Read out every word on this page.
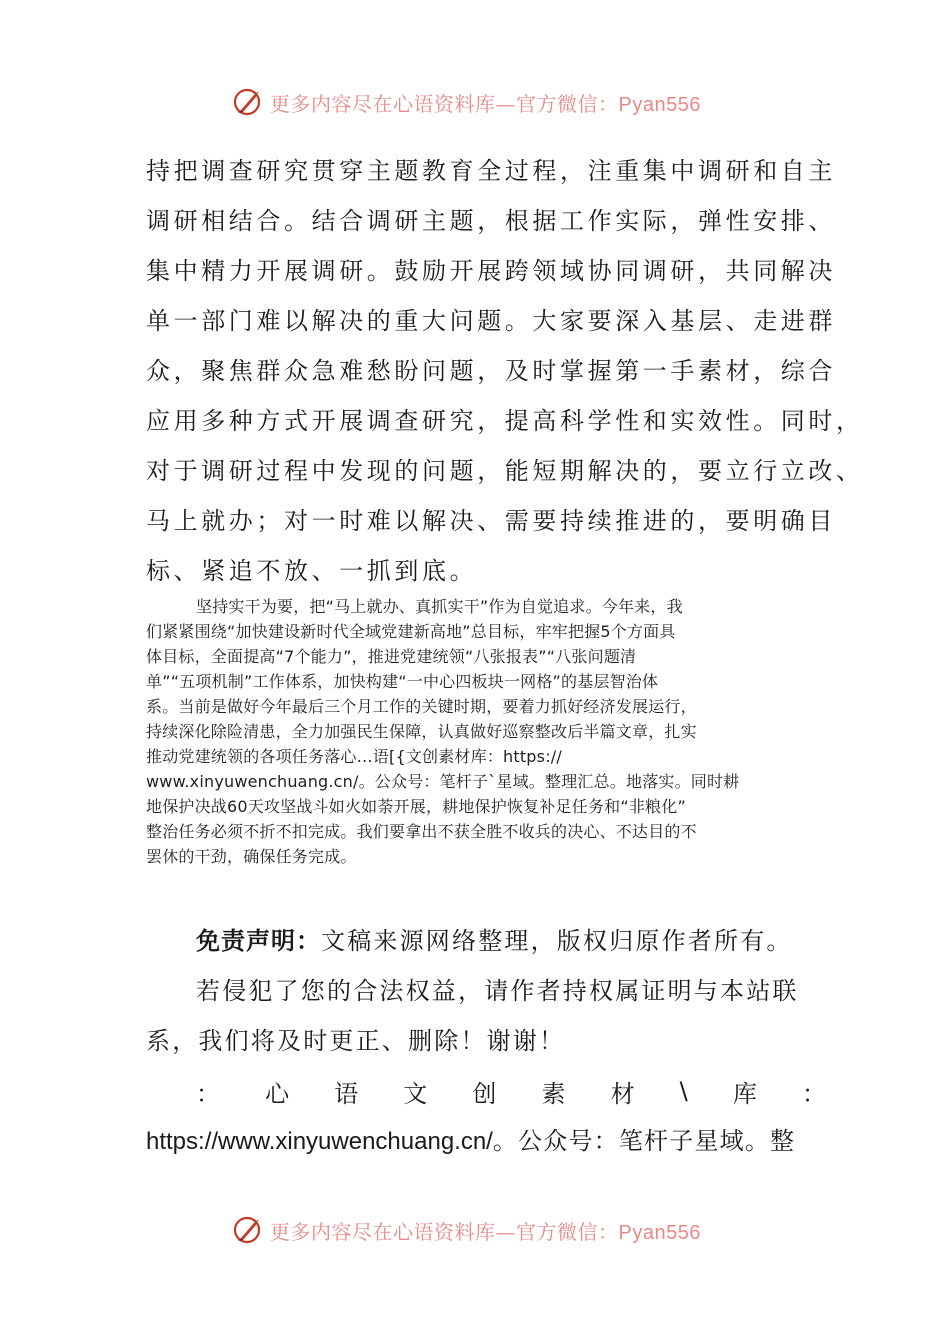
更多内容尽在心语资料库—官方微信：Pyan556
持把调查研究贯穿主题教育全过程，注重集中调研和自主
调研相结合。结合调研主题，根据工作实际，弹性安排、
集中精力开展调研。鼓励开展跨领域协同调研，共同解决
单一部门难以解决的重大问题。大家要深入基层、走进群
众，聚焦群众急难愁盼问题，及时掌握第一手素材，综合
应用多种方式开展调查研究，提高科学性和实效性。同时，
对于调研过程中发现的问题，能短期解决的，要立行立改、
马上就办；对一时难以解决、需要持续推进的，要明确目
标、紧追不放、一抓到底。
坚持实干为要，把“马上就办、真抓实干”作为自觉追求。今年来，我
们紧紧围绕“加快建设新时代全域党建新高地”总目标，牢牢把握5个方面具
体目标，全面提高“7个能力”，推进党建统领“八张报表”“八张问题清
单”“五项机制”工作体系，加快构建“一中心四板块一网格”的基层智治体
系。当前是做好今年最后三个月工作的关键时期，要着力抓好经济发展运行，
持续深化除险清患，全力加强民生保障，认真做好巡察整改后半篇文章，扎实
推动党建统领的各项任务落心…语[{文创素材库：https://
www.xinyuwenchuang.cn/。公众号：笔杆子`星域。整理汇总。地落实。同时耕
地保护决战60天攻坚战斗如火如荼开展，耕地保护恢复补足任务和“非粮化”
整治任务必须不折不扣完成。我们要拿出不获全胜不收兵的决心、不达目的不
罢休的干劲，确保任务完成。
免责声明：文稿来源网络整理，版权归原作者所有。
若侵犯了您的合法权益，请作者持权属证明与本站联
系，我们将及时更正、删除！谢谢！
： 心 语 文 创 素 材 \ 库 ：
https://www.xinyuwenchuang.cn/。公众号：笔杆子星域。整
更多内容尽在心语资料库—官方微信：Pyan556
